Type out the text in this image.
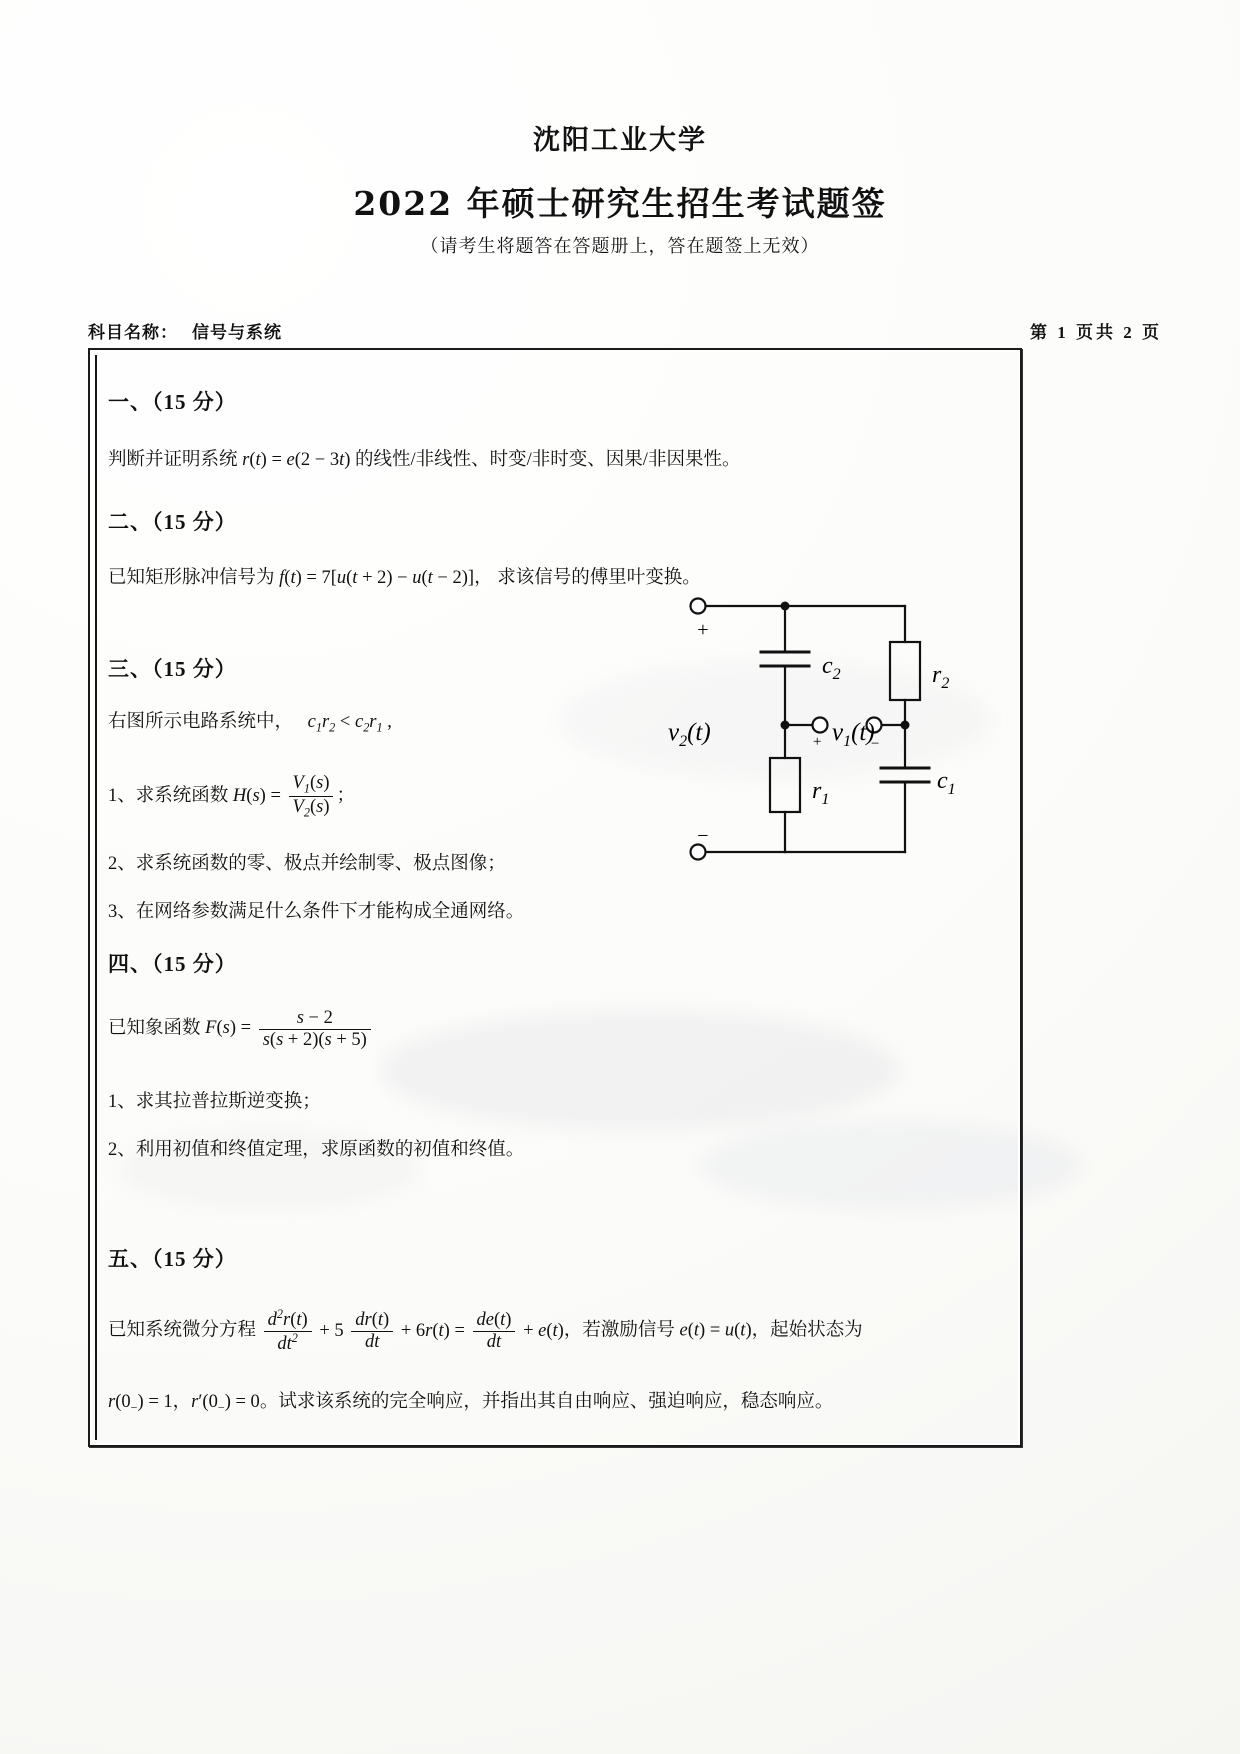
沈阳工业大学
2022 年硕士研究生招生考试题签
（请考生将题答在答题册上，答在题签上无效）
科目名称： 信号与系统	第 1 页共 2 页
一、（15 分）
判断并证明系统 r(t) = e(2 − 3t) 的线性/非线性、时变/非时变、因果/非因果性。
二、（15 分）
已知矩形脉冲信号为 f(t) = 7[u(t + 2) − u(t − 2)]， 求该信号的傅里叶变换。
三、（15 分）
右图所示电路系统中， $c_1r_2 < c_2r_1$ ,
1、求系统函数 $H(s) = \frac{V_1(s)}{V_2(s)}$ ；
2、求系统函数的零、极点并绘制零、极点图像；
3、在网络参数满足什么条件下才能构成全通网络。
四、（15 分）
已知象函数 $F(s) = \frac{s - 2}{s(s + 2)(s + 5)}$
1、求其拉普拉斯逆变换；
2、利用初值和终值定理，求原函数的初值和终值。
五、（15 分）
已知系统微分方程 $\frac{d^2r(t)}{dt^2} + 5 \frac{dr(t)}{dt} + 6r(t) = \frac{de(t)}{dt} + e(t)$，若激励信号 e(t) = u(t)，起始状态为
$r(0_-) = 1$，$r'(0_-) = 0$。试求该系统的完全响应，并指出其自由响应、强迫响应，稳态响应。
+
−
+	−
$c_2$	$r_2$
$r_1$
$c_1$
$v_2(t)$	$v_1(t)$
